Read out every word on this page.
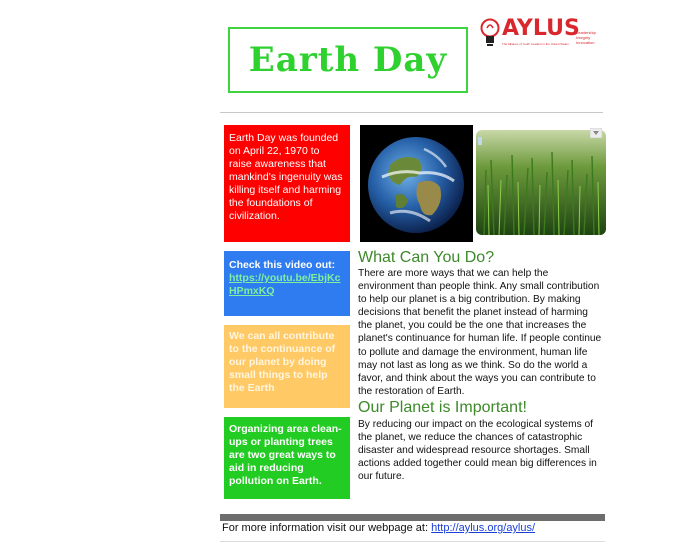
Earth Day
AYLUS
The Alliance of Youth Leaders in the United States
Leadership
Integrity
Innovation
Earth Day was founded on April 22, 1970 to raise awareness that mankind's ingenuity was killing itself and harming the foundations of civilization.
Check this video out:
https://youtu.be/EbjKcHPmxKQ
We can all contribute to the continuance of our planet by doing small things to help the Earth
Organizing area clean-ups or planting trees are two great ways to aid in reducing pollution on Earth.
What Can You Do?
There are more ways that we can help the environment than people think. Any small contribution to help our planet is a big contribution. By making decisions that benefit the planet instead of harming the planet, you could be the one that increases the planet's continuance for human life. If people continue to pollute and damage the environment, human life may not last as long as we think. So do the world a favor, and think about the ways you can contribute to the restoration of Earth.
Our Planet is Important!
By reducing our impact on the ecological systems of the planet, we reduce the chances of catastrophic disaster and widespread resource shortages. Small actions added together could mean big differences in our future.
For more information visit our webpage at: http://aylus.org/aylus/
